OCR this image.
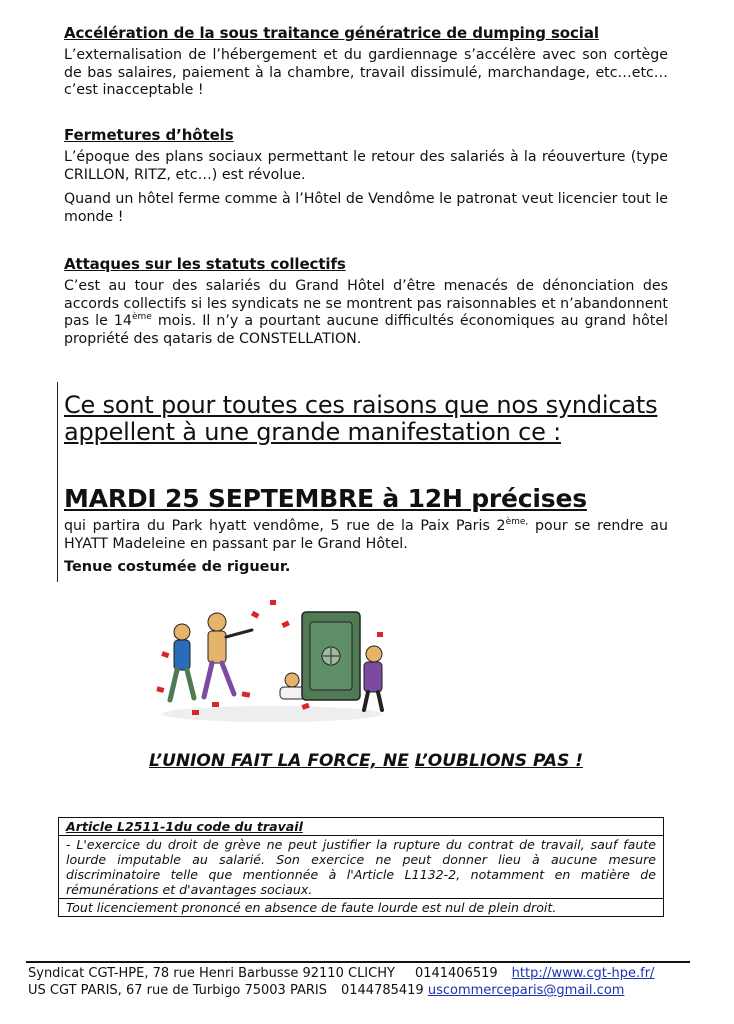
Accélération de la sous traitance génératrice de dumping social

L’externalisation de l’hébergement et du gardiennage s’accélère avec son cortège de bas salaires, paiement à la chambre, travail dissimulé, marchandage, etc…etc…c’est inacceptable !

Fermetures d’hôtels

L’époque des plans sociaux permettant le retour des salariés à la réouverture (type CRILLON, RITZ, etc…) est révolue.

Quand un hôtel ferme comme à l’Hôtel de Vendôme le patronat veut licencier tout le monde !

Attaques sur les statuts collectifs

C’est au tour des salariés du Grand Hôtel d’être menacés de dénonciation des accords collectifs si les syndicats ne se montrent pas raisonnables et n’abandonnent pas le 14ème mois. Il n’y a pourtant aucune difficultés économiques au grand hôtel propriété des qataris de CONSTELLATION.

Ce sont pour toutes ces raisons que nos syndicats appellent à une grande manifestation ce :

MARDI 25 SEPTEMBRE à 12H précises

qui partira du Park hyatt vendôme, 5 rue de la Paix Paris $2^{ème,}$ pour se rendre au HYATT Madeleine en passant par le Grand Hôtel.

Tenue costumée de rigueur.

L’UNION FAIT LA FORCE, NE L’OUBLIONS PAS !
Article L2511-1du code du travail
- L'exercice du droit de grève ne peut justifier la rupture du contrat de travail, sauf faute lourde imputable au salarié. Son exercice ne peut donner lieu à aucune mesure discriminatoire telle que mentionnée à l'Article L1132-2, notamment en matière de rémunérations et d'avantages sociaux.
Tout licenciement prononcé en absence de faute lourde est nul de plein droit.
Syndicat CGT-HPE, 78 rue Henri Barbusse 92110 CLICHY 0141406519 http://www.cgt-hpe.fr/
US CGT PARIS, 67 rue de Turbigo 75003 PARIS 0144785419 uscommerceparis@gmail.com
